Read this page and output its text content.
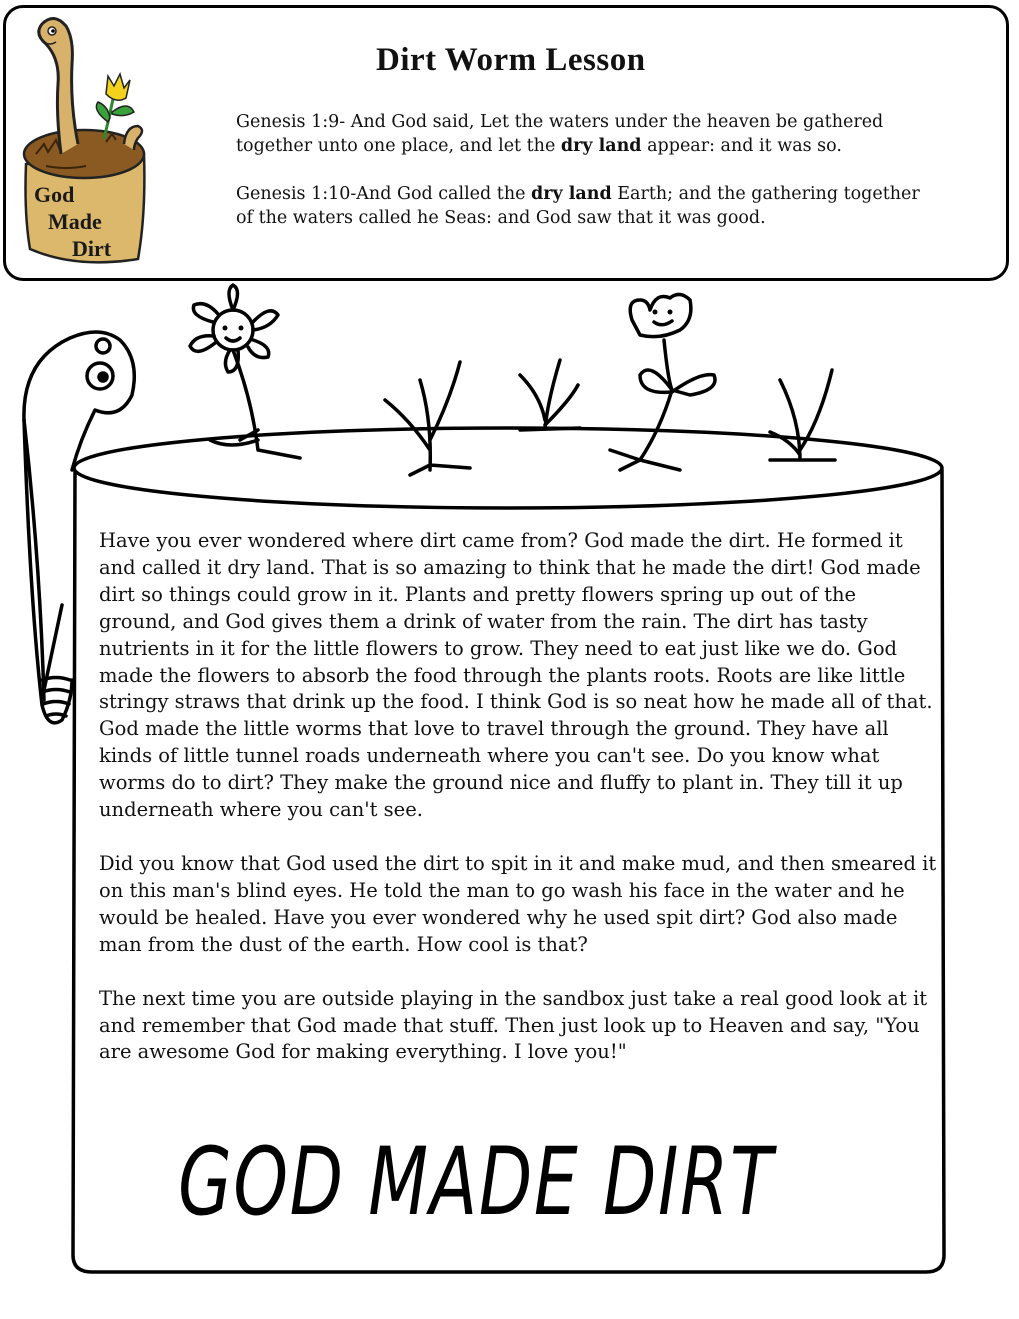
God
Made
Dirt
Dirt Worm Lesson

Genesis 1:9- And God said, Let the waters under the heaven be gathered together unto one place, and let the dry land appear: and it was so.

Genesis 1:10-And God called the dry land Earth; and the gathering together of the waters called he Seas: and God saw that it was good.

Have you ever wondered where dirt came from? God made the dirt. He formed it and called it dry land. That is so amazing to think that he made the dirt! God made dirt so things could grow in it. Plants and pretty flowers spring up out of the ground, and God gives them a drink of water from the rain. The dirt has tasty nutrients in it for the little flowers to grow. They need to eat just like we do. God made the flowers to absorb the food through the plants roots. Roots are like little stringy straws that drink up the food. I think God is so neat how he made all of that. God made the little worms that love to travel through the ground. They have all kinds of little tunnel roads underneath where you can't see. Do you know what worms do to dirt? They make the ground nice and fluffy to plant in. They till it up underneath where you can't see.

Did you know that God used the dirt to spit in it and make mud, and then smeared it on this man's blind eyes. He told the man to go wash his face in the water and he would be healed. Have you ever wondered why he used spit dirt? God also made man from the dust of the earth. How cool is that?

The next time you are outside playing in the sandbox just take a real good look at it and remember that God made that stuff. Then just look up to Heaven and say, "You are awesome God for making everything. I love you!"

GOD MADE DIRT
